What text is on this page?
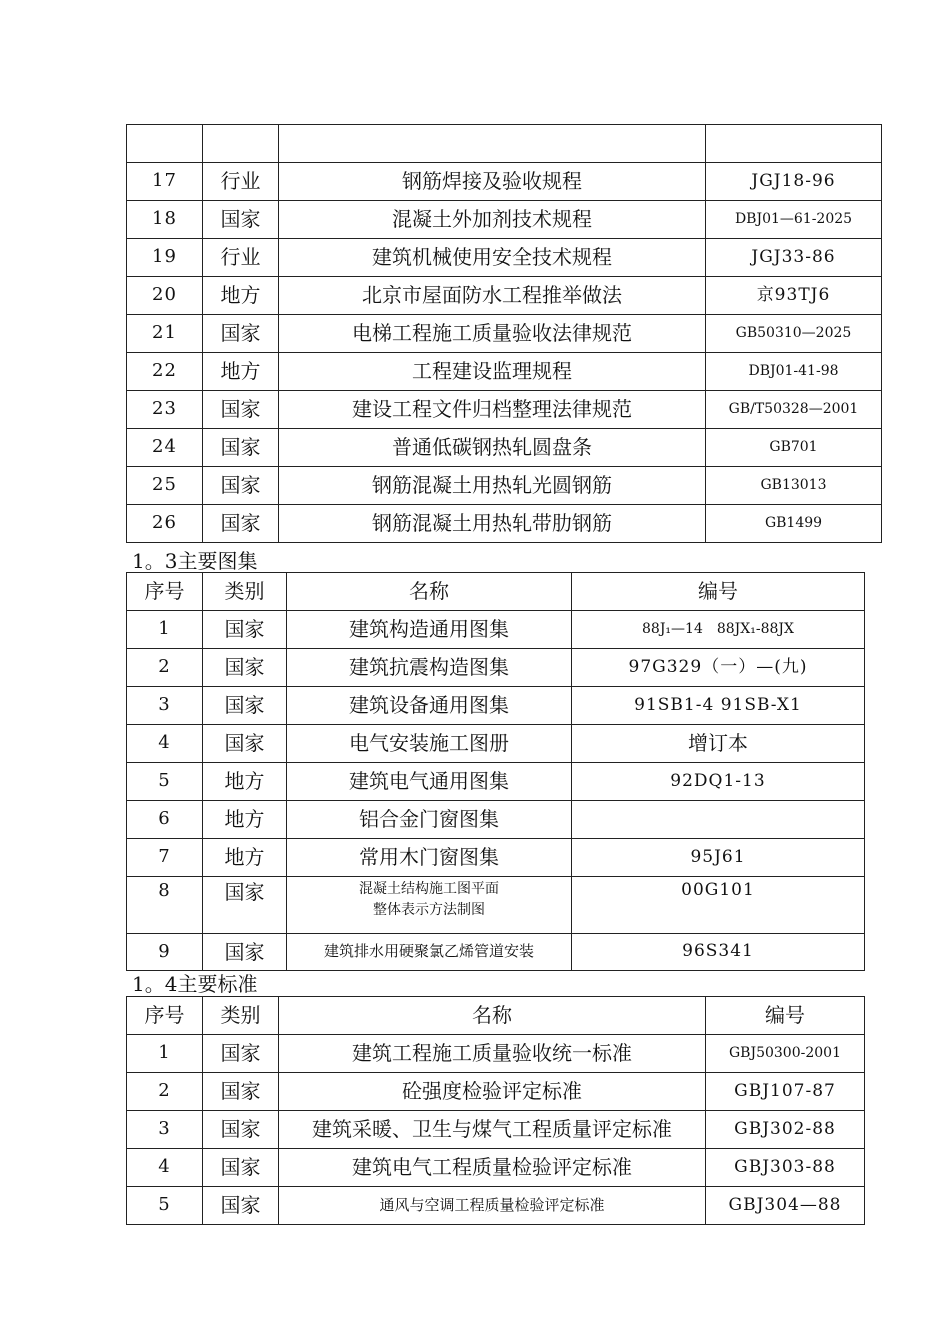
17	行业	钢筋焊接及验收规程	JGJ18-96
18	国家	混凝土外加剂技术规程	DBJ01—61-2025
19	行业	建筑机械使用安全技术规程	JGJ33-86
20	地方	北京市屋面防水工程推举做法	京93TJ6
21	国家	电梯工程施工质量验收法律规范	GB50310—2025
22	地方	工程建设监理规程	DBJ01-41-98
23	国家	建设工程文件归档整理法律规范	GB/T50328—2001
24	国家	普通低碳钢热轧圆盘条	GB701
25	国家	钢筋混凝土用热轧光圆钢筋	GB13013
26	国家	钢筋混凝土用热轧带肋钢筋	GB1499
1。3主要图集
序号	类别	名称	编号
1	国家	建筑构造通用图集	88J₁—14　88JX₁-88JX
2	国家	建筑抗震构造图集	97G329（一）—(九)
3	国家	建筑设备通用图集	91SB1-4 91SB-X1
4	国家	电气安装施工图册	增订本
5	地方	建筑电气通用图集	92DQ1-13
6	地方	铝合金门窗图集	
7	地方	常用木门窗图集	95J61
8	国家	混凝土结构施工图平面
整体表示方法制图	00G101
9	国家	建筑排水用硬聚氯乙烯管道安装	96S341
1。4主要标准
序号	类别	名称	编号
1	国家	建筑工程施工质量验收统一标准	GBJ50300-2001
2	国家	砼强度检验评定标准	GBJ107-87
3	国家	建筑采暖、卫生与煤气工程质量评定标准	GBJ302-88
4	国家	建筑电气工程质量检验评定标准	GBJ303-88
5	国家	通风与空调工程质量检验评定标准	GBJ304—88
